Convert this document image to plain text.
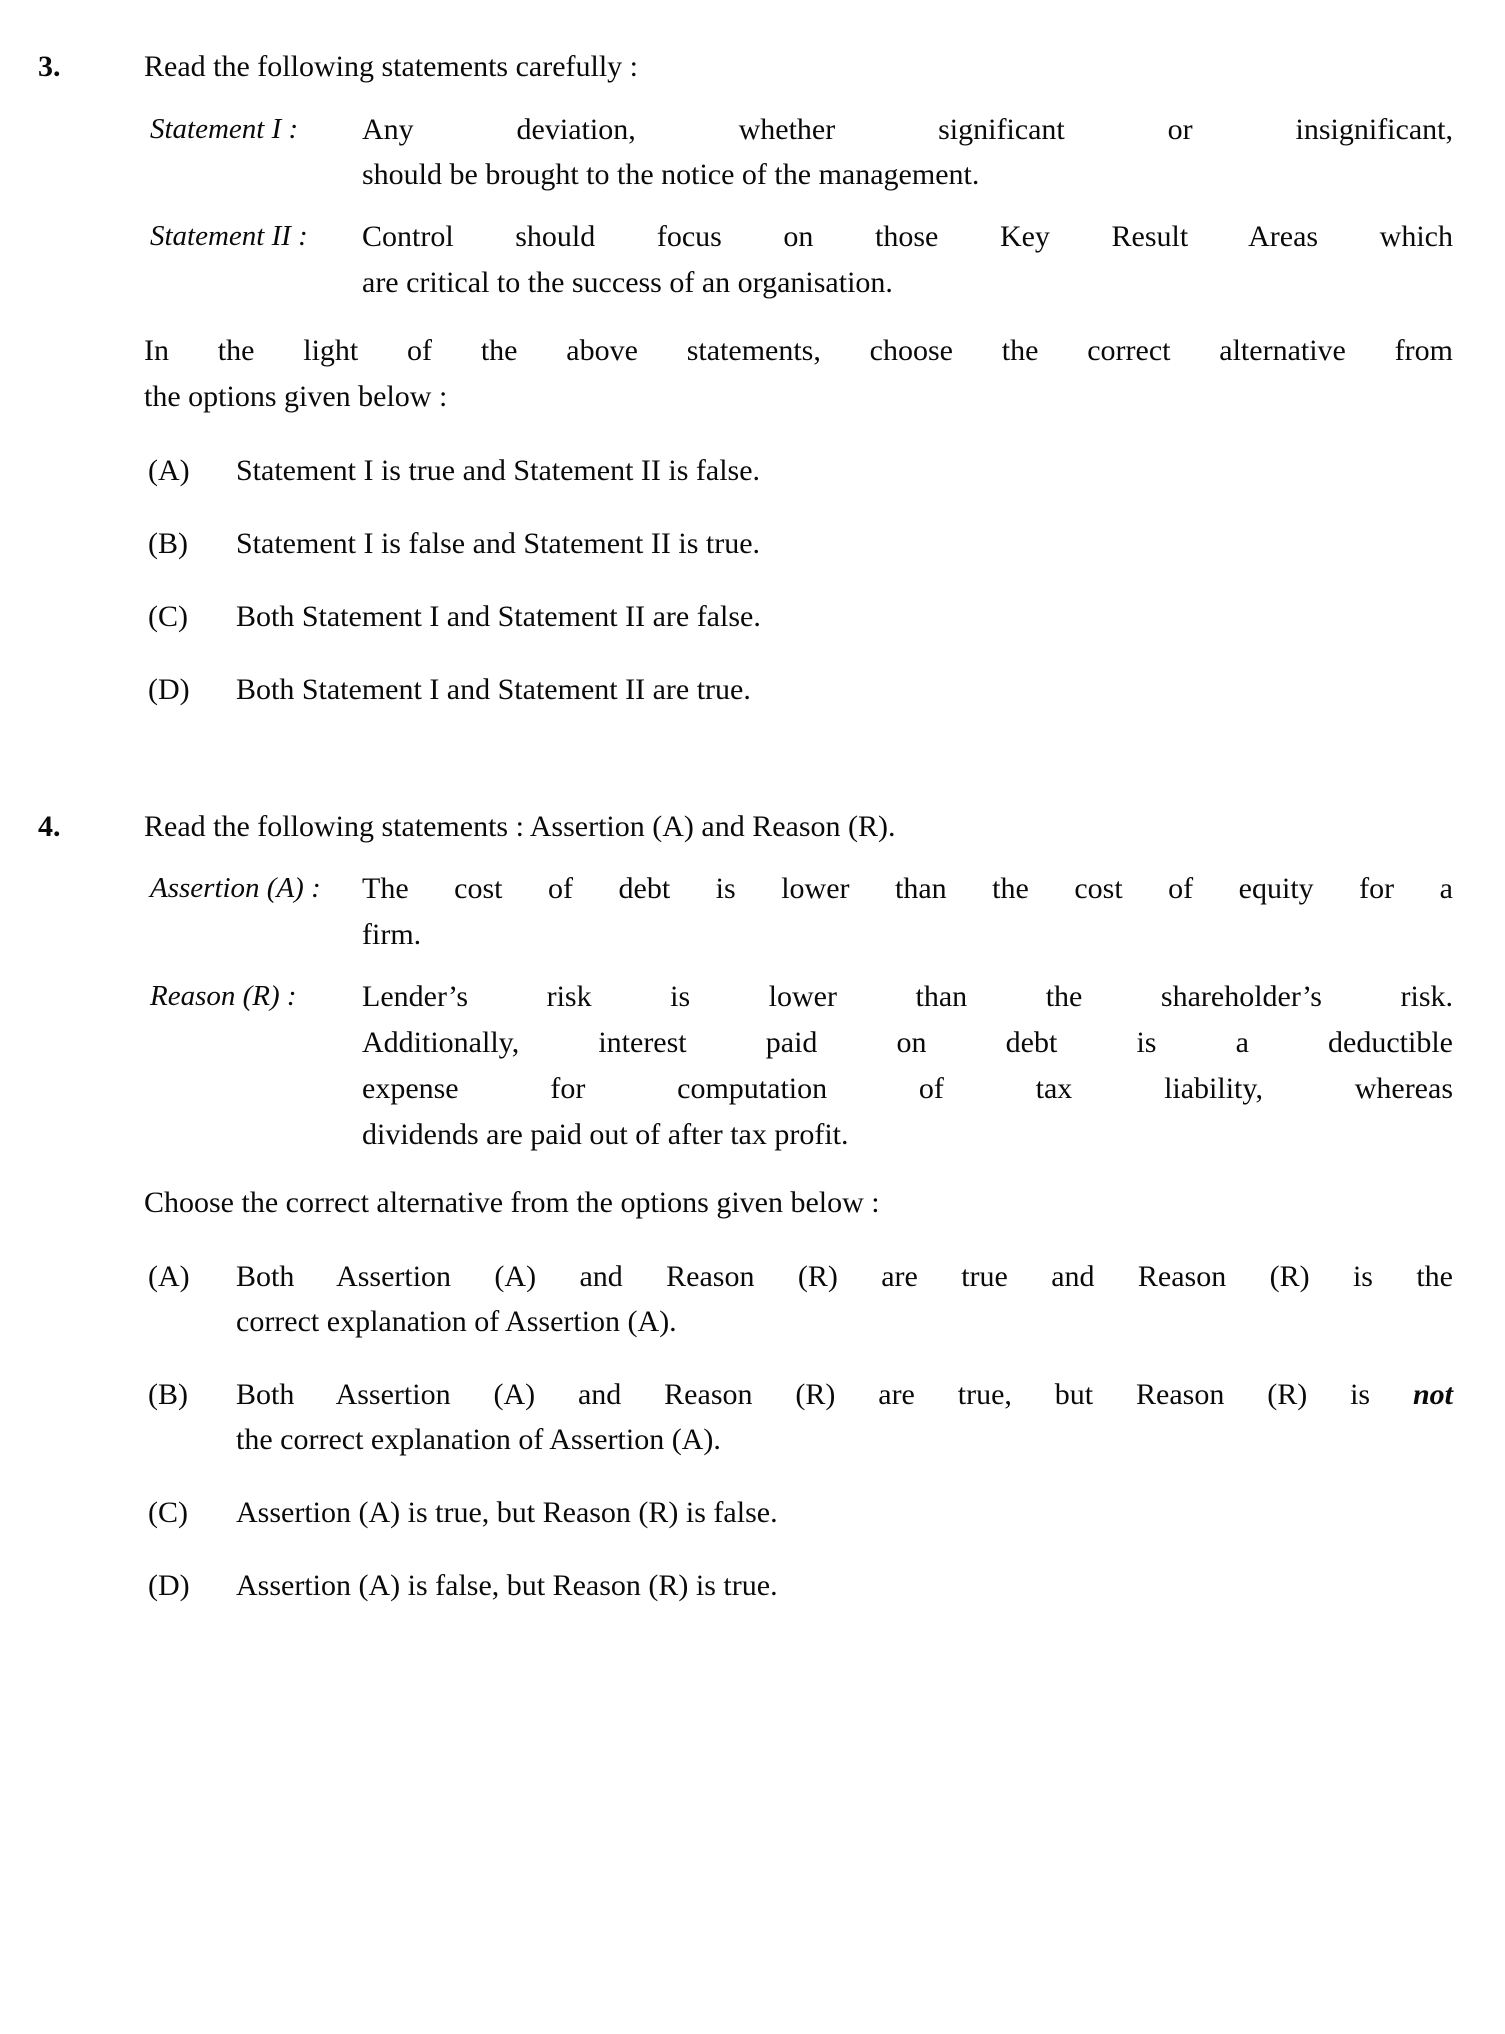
3.	Read the following statements carefully :
Statement I :	Any deviation, whether significant or insignificant,
should be brought to the notice of the management.
Statement II :	Control should focus on those Key Result Areas which
are critical to the success of an organisation.
In the light of the above statements, choose the correct alternative from
the options given below :
(A)	Statement I is true and Statement II is false.
(B)	Statement I is false and Statement II is true.
(C)	Both Statement I and Statement II are false.
(D)	Both Statement I and Statement II are true.
4.	Read the following statements : Assertion (A) and Reason (R).
Assertion (A) :	The cost of debt is lower than the cost of equity for a
firm.
Reason (R) :	Lender’s risk is lower than the shareholder’s risk.
Additionally, interest paid on debt is a deductible
expense for computation of tax liability, whereas
dividends are paid out of after tax profit.
Choose the correct alternative from the options given below :
(A)	Both Assertion (A) and Reason (R) are true and Reason (R) is the
correct explanation of Assertion (A).
(B)	Both Assertion (A) and Reason (R) are true, but Reason (R) is not
the correct explanation of Assertion (A).
(C)	Assertion (A) is true, but Reason (R) is false.
(D)	Assertion (A) is false, but Reason (R) is true.
